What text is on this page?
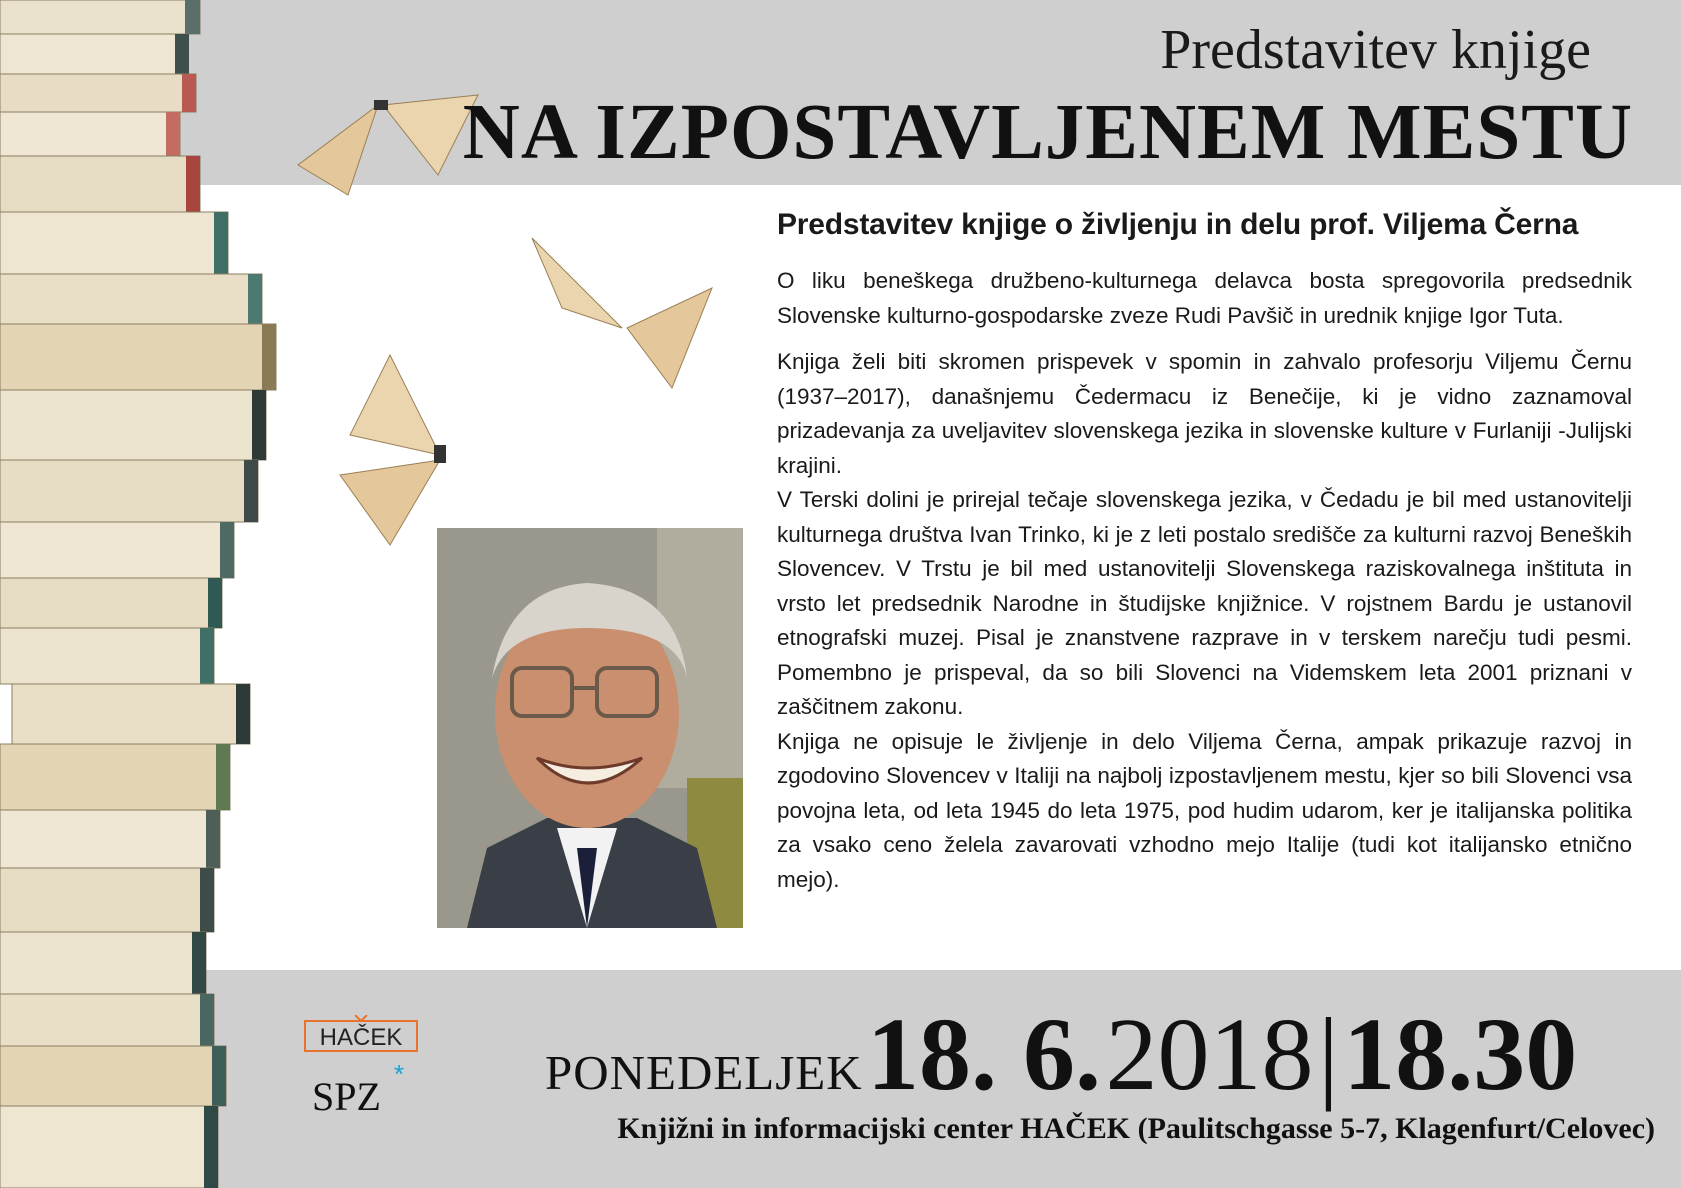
Predstavitev knjige
NA IZPOSTAVLJENEM MESTU
Predstavitev knjige o življenju in delu prof. Viljema Černa

O liku beneškega družbeno-kulturnega delavca bosta spregovorila predsednik Slovenske kulturno-gospodarske zveze Rudi Pavšič in urednik knjige Igor Tuta.

Knjiga želi biti skromen prispevek v spomin in zahvalo profesorju Viljemu Černu (1937–2017), današnjemu Čedermacu iz Benečije, ki je vidno zaznamoval prizadevanja za uveljavitev slovenskega jezika in slovenske kulture v Furlaniji -Julijski krajini.

V Terski dolini je prirejal tečaje slovenskega jezika, v Čedadu je bil med ustanovitelji kulturnega društva Ivan Trinko, ki je z leti postalo središče za kulturni razvoj Beneških Slovencev. V Trstu je bil med ustanovitelji Slovenskega raziskovalnega inštituta in vrsto let predsednik Narodne in študijske knjižnice. V rojstnem Bardu je ustanovil etnografski muzej. Pisal je znanstvene razprave in v terskem narečju tudi pesmi. Pomembno je prispeval, da so bili Slovenci na Videmskem leta 2001 priznani v zaščitnem zakonu.

Knjiga ne opisuje le življenje in delo Viljema Černa, ampak prikazuje razvoj in zgodovino Slovencev v Italiji na najbolj izpostavljenem mestu, kjer so bili Slovenci vsa povojna leta, od leta 1945 do leta 1975, pod hudim udarom, ker je italijanska politika za vsako ceno želela zavarovati vzhodno mejo Italije (tudi kot italijansko etnično mejo).

HAČEK
SPZ *	PONEDELJEK 18. 6. 2018 | 18.30
Knjižni in informacijski center HAČEK (Paulitschgasse 5-7, Klagenfurt/Celovec)
